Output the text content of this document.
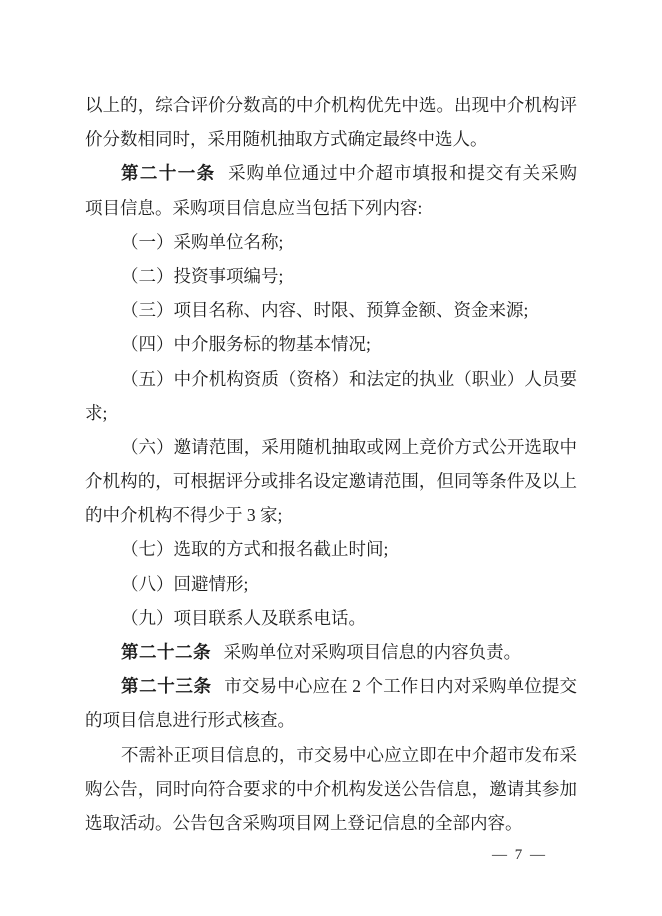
以上的，综合评价分数高的中介机构优先中选。出现中介机构评
价分数相同时，采用随机抽取方式确定最终中选人。
第二十一条 采购单位通过中介超市填报和提交有关采购
项目信息。采购项目信息应当包括下列内容:
（一）采购单位名称;
（二）投资事项编号;
（三）项目名称、内容、时限、预算金额、资金来源;
（四）中介服务标的物基本情况;
（五）中介机构资质（资格）和法定的执业（职业）人员要
求;
（六）邀请范围，采用随机抽取或网上竞价方式公开选取中
介机构的，可根据评分或排名设定邀请范围，但同等条件及以上
的中介机构不得少于 3 家;
（七）选取的方式和报名截止时间;
（八）回避情形;
（九）项目联系人及联系电话。
第二十二条 采购单位对采购项目信息的内容负责。
第二十三条 市交易中心应在 2 个工作日内对采购单位提交
的项目信息进行形式核查。
不需补正项目信息的，市交易中心应立即在中介超市发布采
购公告，同时向符合要求的中介机构发送公告信息，邀请其参加
选取活动。公告包含采购项目网上登记信息的全部内容。
— 7 —
